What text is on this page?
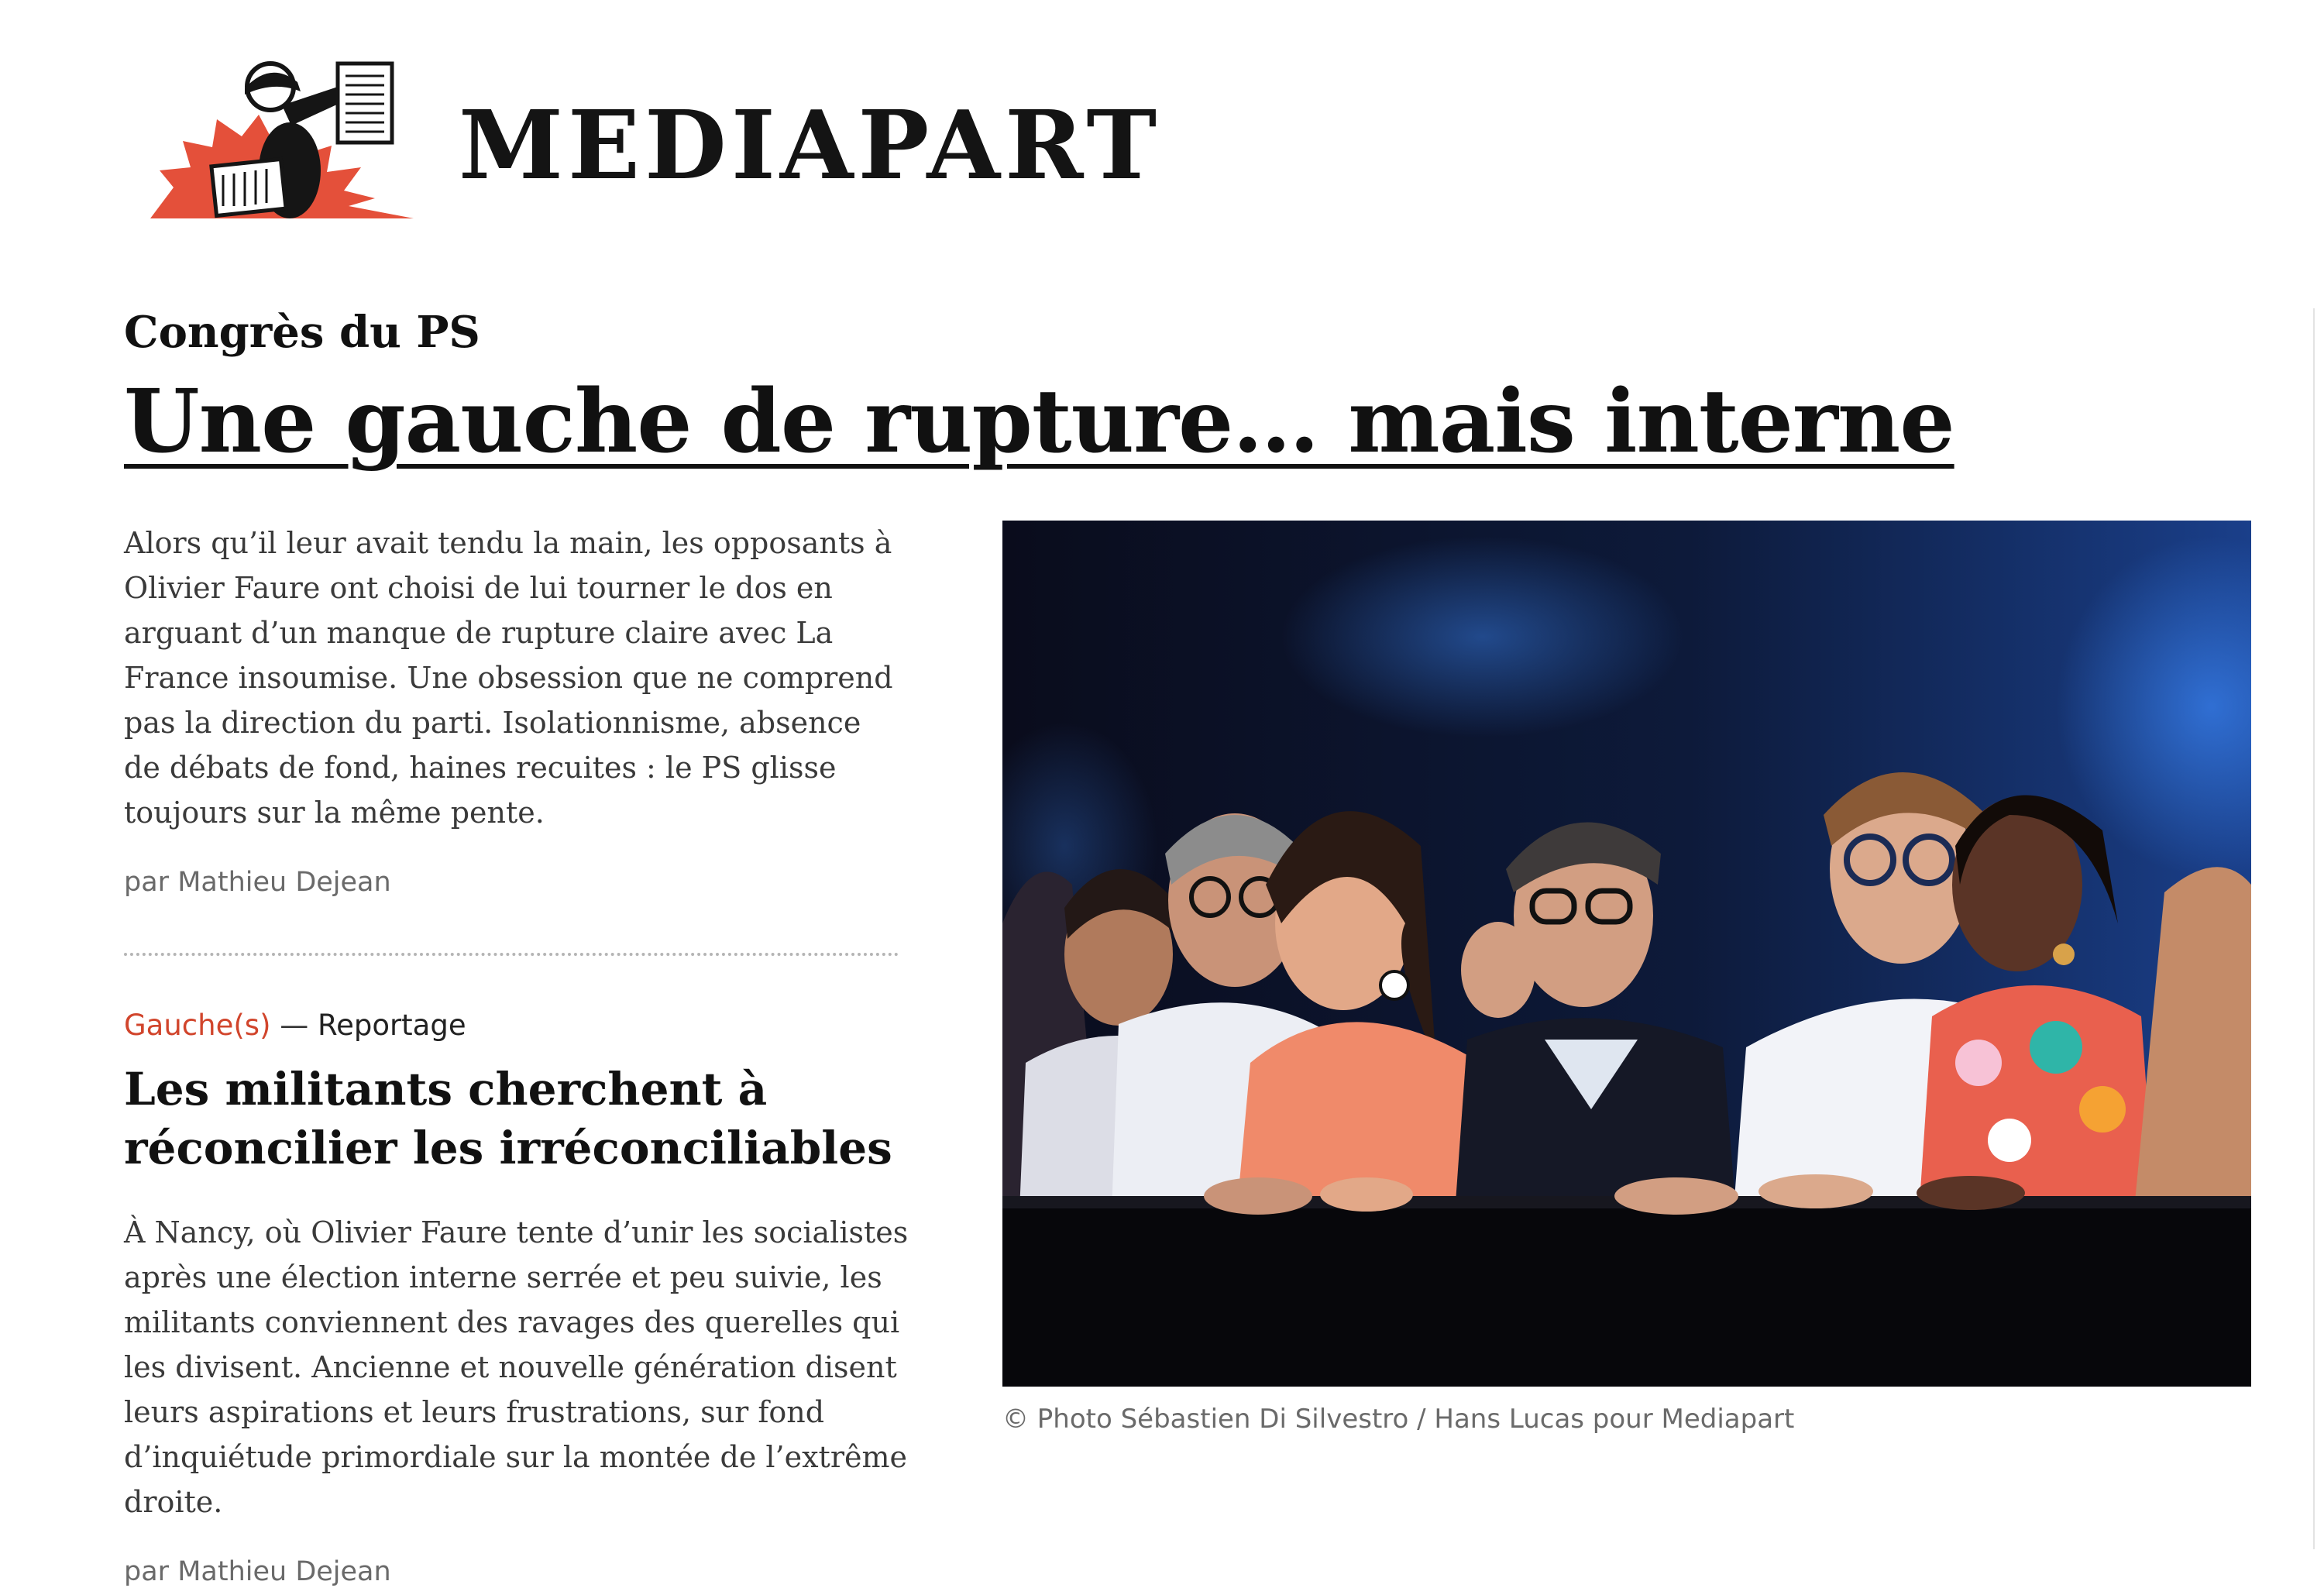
MEDIAPART
Congrès du PS
Une gauche de rupture… mais interne

Alors qu’il leur avait tendu la main, les opposants à Olivier Faure ont choisi de lui tourner le dos en arguant d’un manque de rupture claire avec La France insoumise. Une obsession que ne comprend pas la direction du parti. Isolationnisme, absence de débats de fond, haines recuites : le PS glisse toujours sur la même pente.

par Mathieu Dejean
Gauche(s) — Reportage
Les militants cherchent à réconcilier les irréconciliables

À Nancy, où Olivier Faure tente d’unir les socialistes après une élection interne serrée et peu suivie, les militants conviennent des ravages des querelles qui les divisent. Ancienne et nouvelle génération disent leurs aspirations et leurs frustrations, sur fond d’inquiétude primordiale sur la montée de l’extrême droite.

par Mathieu Dejean
© Photo Sébastien Di Silvestro / Hans Lucas pour Mediapart
